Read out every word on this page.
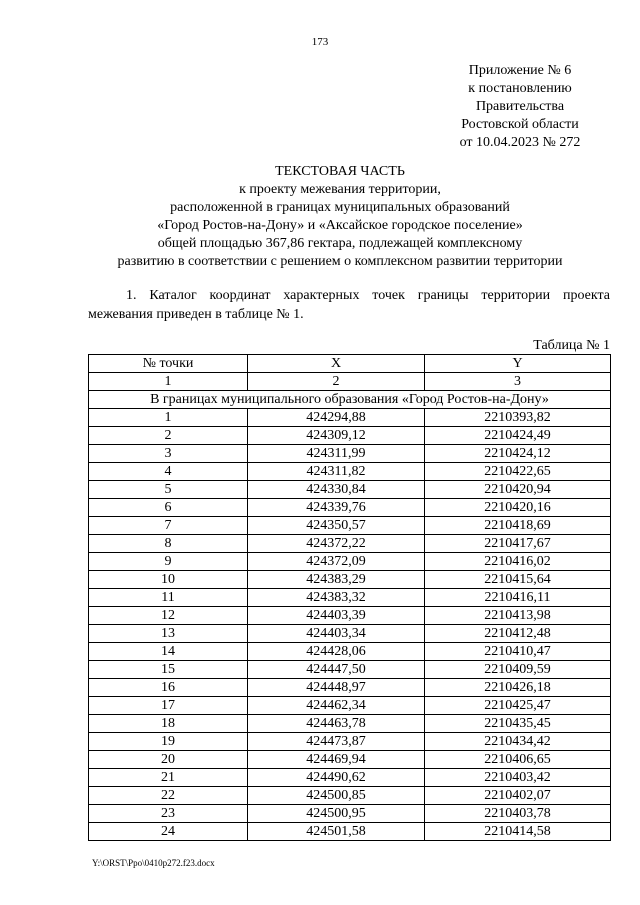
173
Приложение № 6
к постановлению
Правительства
Ростовской области
от 10.04.2023 № 272
ТЕКСТОВАЯ ЧАСТЬ
к проекту межевания территории,
расположенной в границах муниципальных образований
«Город Ростов-на-Дону» и «Аксайское городское поселение»
общей площадью 367,86 гектара, подлежащей комплексному
развитию в соответствии с решением о комплексном развитии территории
1. Каталог координат характерных точек границы территории проекта
межевания приведен в таблице № 1.
Таблица № 1
№ точки	X	Y
1	2	3
В границах муниципального образования «Город Ростов-на-Дону»		
1	424294,88	2210393,82
2	424309,12	2210424,49
3	424311,99	2210424,12
4	424311,82	2210422,65
5	424330,84	2210420,94
6	424339,76	2210420,16
7	424350,57	2210418,69
8	424372,22	2210417,67
9	424372,09	2210416,02
10	424383,29	2210415,64
11	424383,32	2210416,11
12	424403,39	2210413,98
13	424403,34	2210412,48
14	424428,06	2210410,47
15	424447,50	2210409,59
16	424448,97	2210426,18
17	424462,34	2210425,47
18	424463,78	2210435,45
19	424473,87	2210434,42
20	424469,94	2210406,65
21	424490,62	2210403,42
22	424500,85	2210402,07
23	424500,95	2210403,78
24	424501,58	2210414,58
Y:\ORST\Ppo\0410p272.f23.docx
